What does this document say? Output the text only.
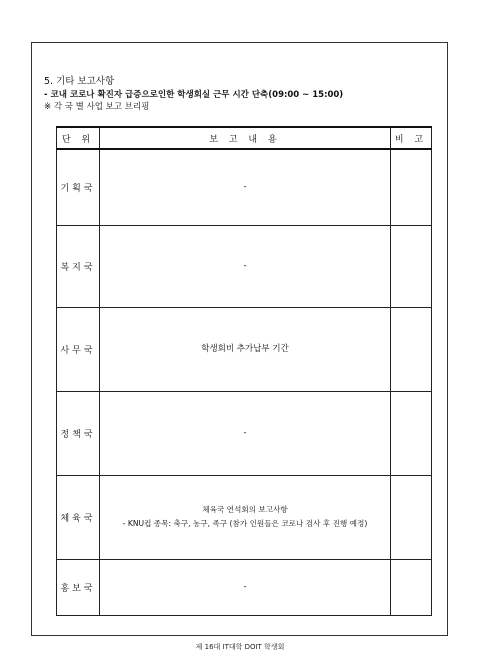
5. 기타 보고사항
- 코내 코로나 확진자 급증으로인한 학생회실 근무 시간 단축(09:00 ~ 15:00)
※ 각 국 별 사업 보고 브리핑
단 위	보 고 내 용	비 고
기획국	-	

복지국	-	

사무국	학생회비 추가납부 기간	

정책국	-	

체육국	체육국 연석회의 보고사항
- KNU컵 종목: 축구, 농구, 족구 (참가 인원들은 코로나 검사 후 진행 예정)	

홍보국	-	

제 16대 IT대학 DOIT 학생회
